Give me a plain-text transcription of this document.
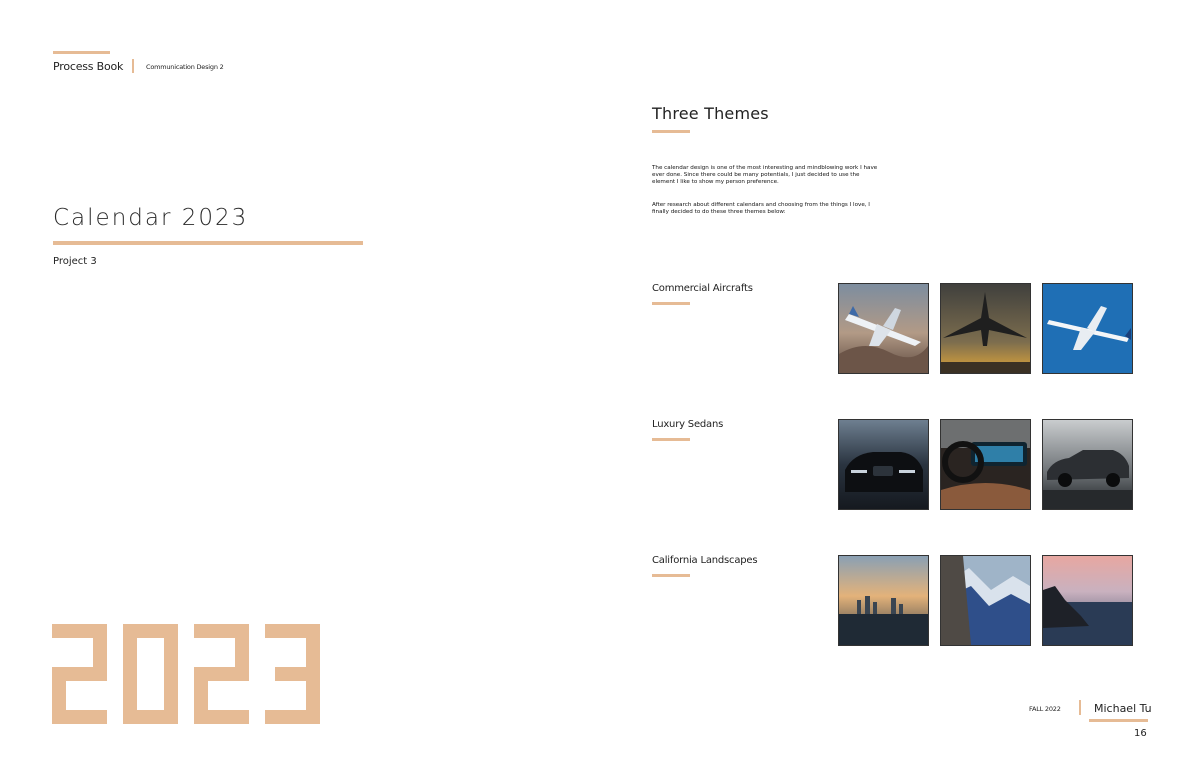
Process Book	Communication Design 2
Calendar 2023
Project 3
Three Themes
The calendar design is one of the most interesting and mindblowing work I have ever done. Since there could be many potentials, I just decided to use the element I like to show my person preference.
After research about different calendars and choosing from the things I love, I finally decided to do these three themes below:
Commercial Aircrafts
Luxury Sedans
California Landscapes
FALL 2022	Michael Tu
16
